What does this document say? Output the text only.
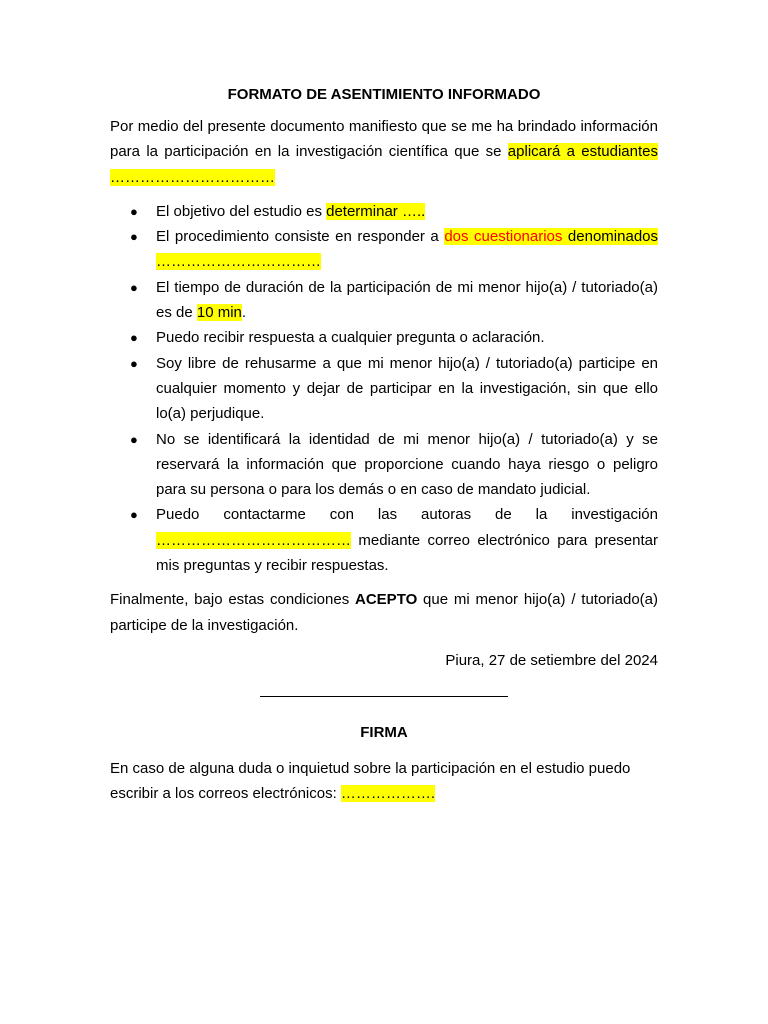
FORMATO DE ASENTIMIENTO INFORMADO

Por medio del presente documento manifiesto que se me ha brindado información para la participación en la investigación científica que se aplicará a estudiantes ……………………………

● El objetivo del estudio es determinar …..
● El procedimiento consiste en responder a dos cuestionarios denominados ……………………………
● El tiempo de duración de la participación de mi menor hijo(a) / tutoriado(a) es de 10 min.
● Puedo recibir respuesta a cualquier pregunta o aclaración.
● Soy libre de rehusarme a que mi menor hijo(a) / tutoriado(a) participe en cualquier momento y dejar de participar en la investigación, sin que ello lo(a) perjudique.
● No se identificará la identidad de mi menor hijo(a) / tutoriado(a) y se reservará la información que proporcione cuando haya riesgo o peligro para su persona o para los demás o en caso de mandato judicial.
● Puedo contactarme con las autoras de la investigación ………………………………… mediante correo electrónico para presentar mis preguntas y recibir respuestas.

Finalmente, bajo estas condiciones ACEPTO que mi menor hijo(a) / tutoriado(a) participe de la investigación.

Piura, 27 de setiembre del 2024

FIRMA

En caso de alguna duda o inquietud sobre la participación en el estudio puedo escribir a los correos electrónicos: ……………….
